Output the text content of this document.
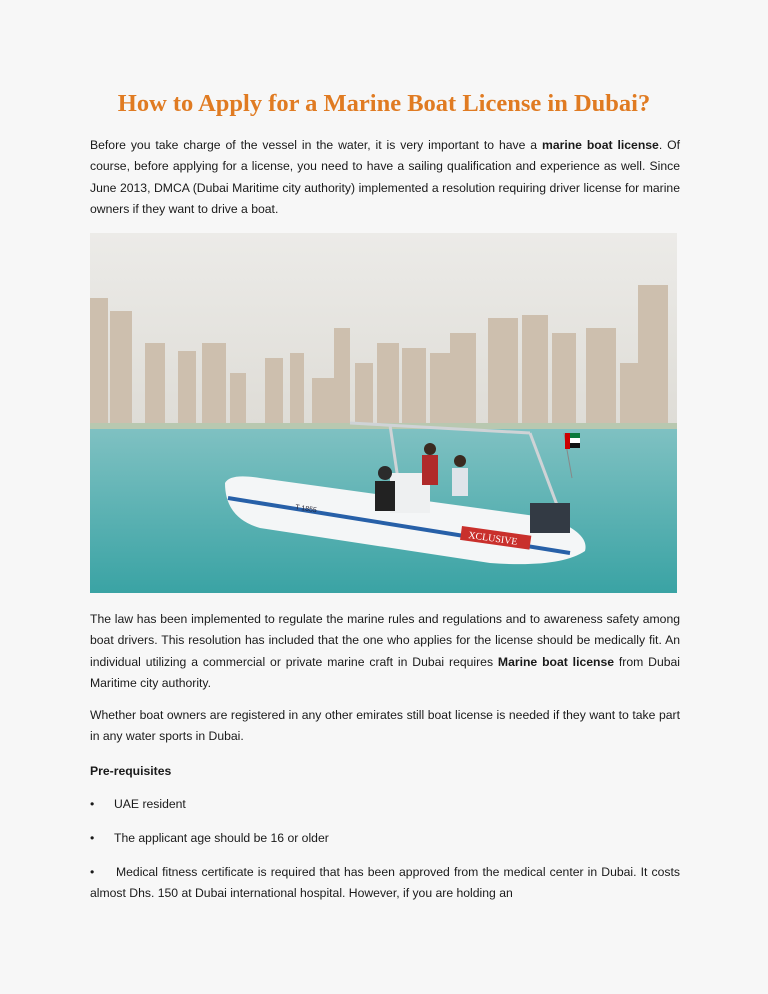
How to Apply for a Marine Boat License in Dubai?

Before you take charge of the vessel in the water, it is very important to have a marine boat license. Of course, before applying for a license, you need to have a sailing qualification and experience as well. Since June 2013, DMCA (Dubai Maritime city authority) implemented a resolution requiring driver license for marine owners if they want to drive a boat.

XCLUSIVE
T 1855

The law has been implemented to regulate the marine rules and regulations and to awareness safety among boat drivers. This resolution has included that the one who applies for the license should be medically fit. An individual utilizing a commercial or private marine craft in Dubai requires Marine boat license from Dubai Maritime city authority.

Whether boat owners are registered in any other emirates still boat license is needed if they want to take part in any water sports in Dubai.

Pre-requisites

• UAE resident

• The applicant age should be 16 or older

• Medical fitness certificate is required that has been approved from the medical center in Dubai. It costs almost Dhs. 150 at Dubai international hospital. However, if you are holding an
